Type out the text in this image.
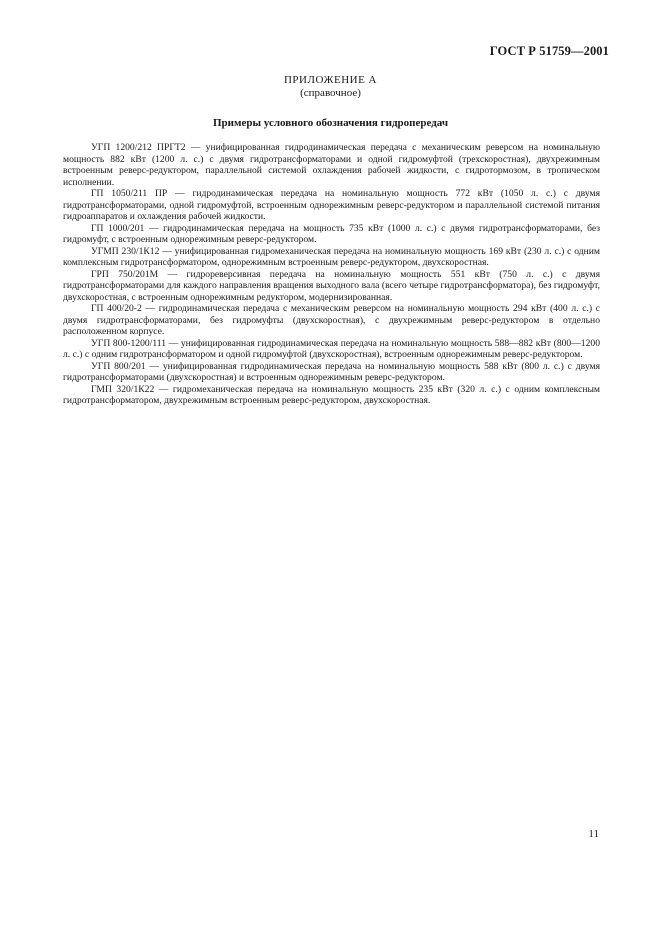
ГОСТ Р 51759—2001
ПРИЛОЖЕНИЕ А
(справочное)
Примеры условного обозначения гидропередач

УГП 1200/212 ПРГТ2 — унифицированная гидродинамическая передача с механическим реверсом на номинальную мощность 882 кВт (1200 л. с.) с двумя гидротрансформаторами и одной гидромуфтой (трехскоростная), двухрежимным встроенным реверс-редуктором, параллельной системой охлаждения рабочей жидкости, с гидротормозом, в тропическом исполнении.

ГП 1050/211 ПР — гидродинамическая передача на номинальную мощность 772 кВт (1050 л. с.) с двумя гидротрансформаторами, одной гидромуфтой, встроенным однорежимным реверс-редуктором и параллельной системой питания гидроаппаратов и охлаждения рабочей жидкости.

ГП 1000/201 — гидродинамическая передача на мощность 735 кВт (1000 л. с.) с двумя гидротрансформаторами, без гидромуфт, с встроенным однорежимным реверс-редуктором.

УГМП 230/1К12 — унифицированная гидромеханическая передача на номинальную мощность 169 кВт (230 л. с.) с одним комплексным гидротрансформатором, однорежимным встроенным реверс-редуктором, двухскоростная.

ГРП 750/201М — гидрореверсивная передача на номинальную мощность 551 кВт (750 л. с.) с двумя гидротрансформаторами для каждого направления вращения выходного вала (всего четыре гидротрансформатора), без гидромуфт, двухскоростная, с встроенным однорежимным редуктором, модернизированная.

ГП 400/20-2 — гидродинамическая передача с механическим реверсом на номинальную мощность 294 кВт (400 л. с.) с двумя гидротрансформаторами, без гидромуфты (двухскоростная), с двухрежимным реверс-редуктором в отдельно расположенном корпусе.

УГП 800-1200/111 — унифицированная гидродинамическая передача на номинальную мощность 588—882 кВт (800—1200 л. с.) с одним гидротрансформатором и одной гидромуфтой (двухскоростная), встроенным однорежимным реверс-редуктором.

УГП 800/201 — унифицированная гидродинамическая передача на номинальную мощность 588 кВт (800 л. с.) с двумя гидротрансформаторами (двухскоростная) и встроенным однорежимным реверс-редуктором.

ГМП 320/1К22 — гидромеханическая передача на номинальную мощность 235 кВт (320 л. с.) с одним комплексным гидротрансформатором, двухрежимным встроенным реверс-редуктором, двухскоростная.

11
